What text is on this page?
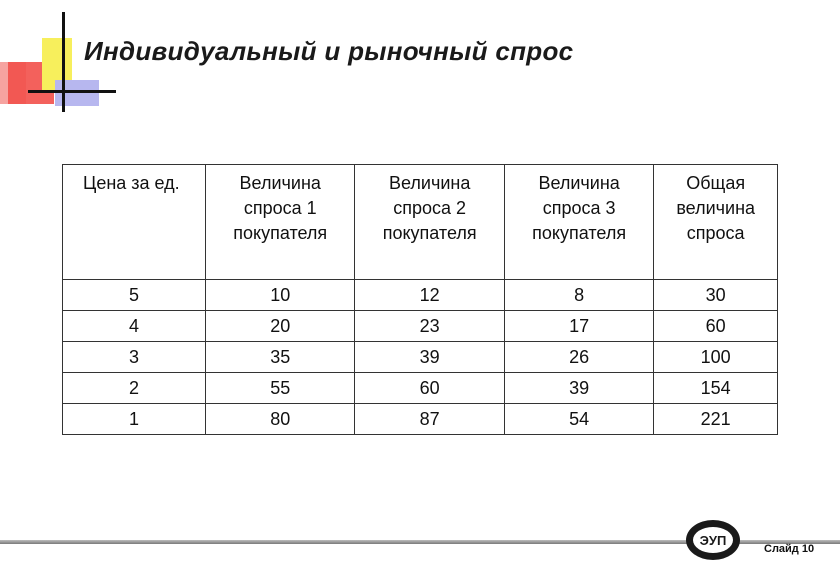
Индивидуальный и рыночный спрос
Цена за ед.	Величина спроса 1 покупателя	Величина спроса 2 покупателя	Величина спроса 3 покупателя	Общая величина спроса
5	10	12	8	30
4	20	23	17	60
3	35	39	26	100
2	55	60	39	154
1	80	87	54	221
ЭУП
Слайд 10
